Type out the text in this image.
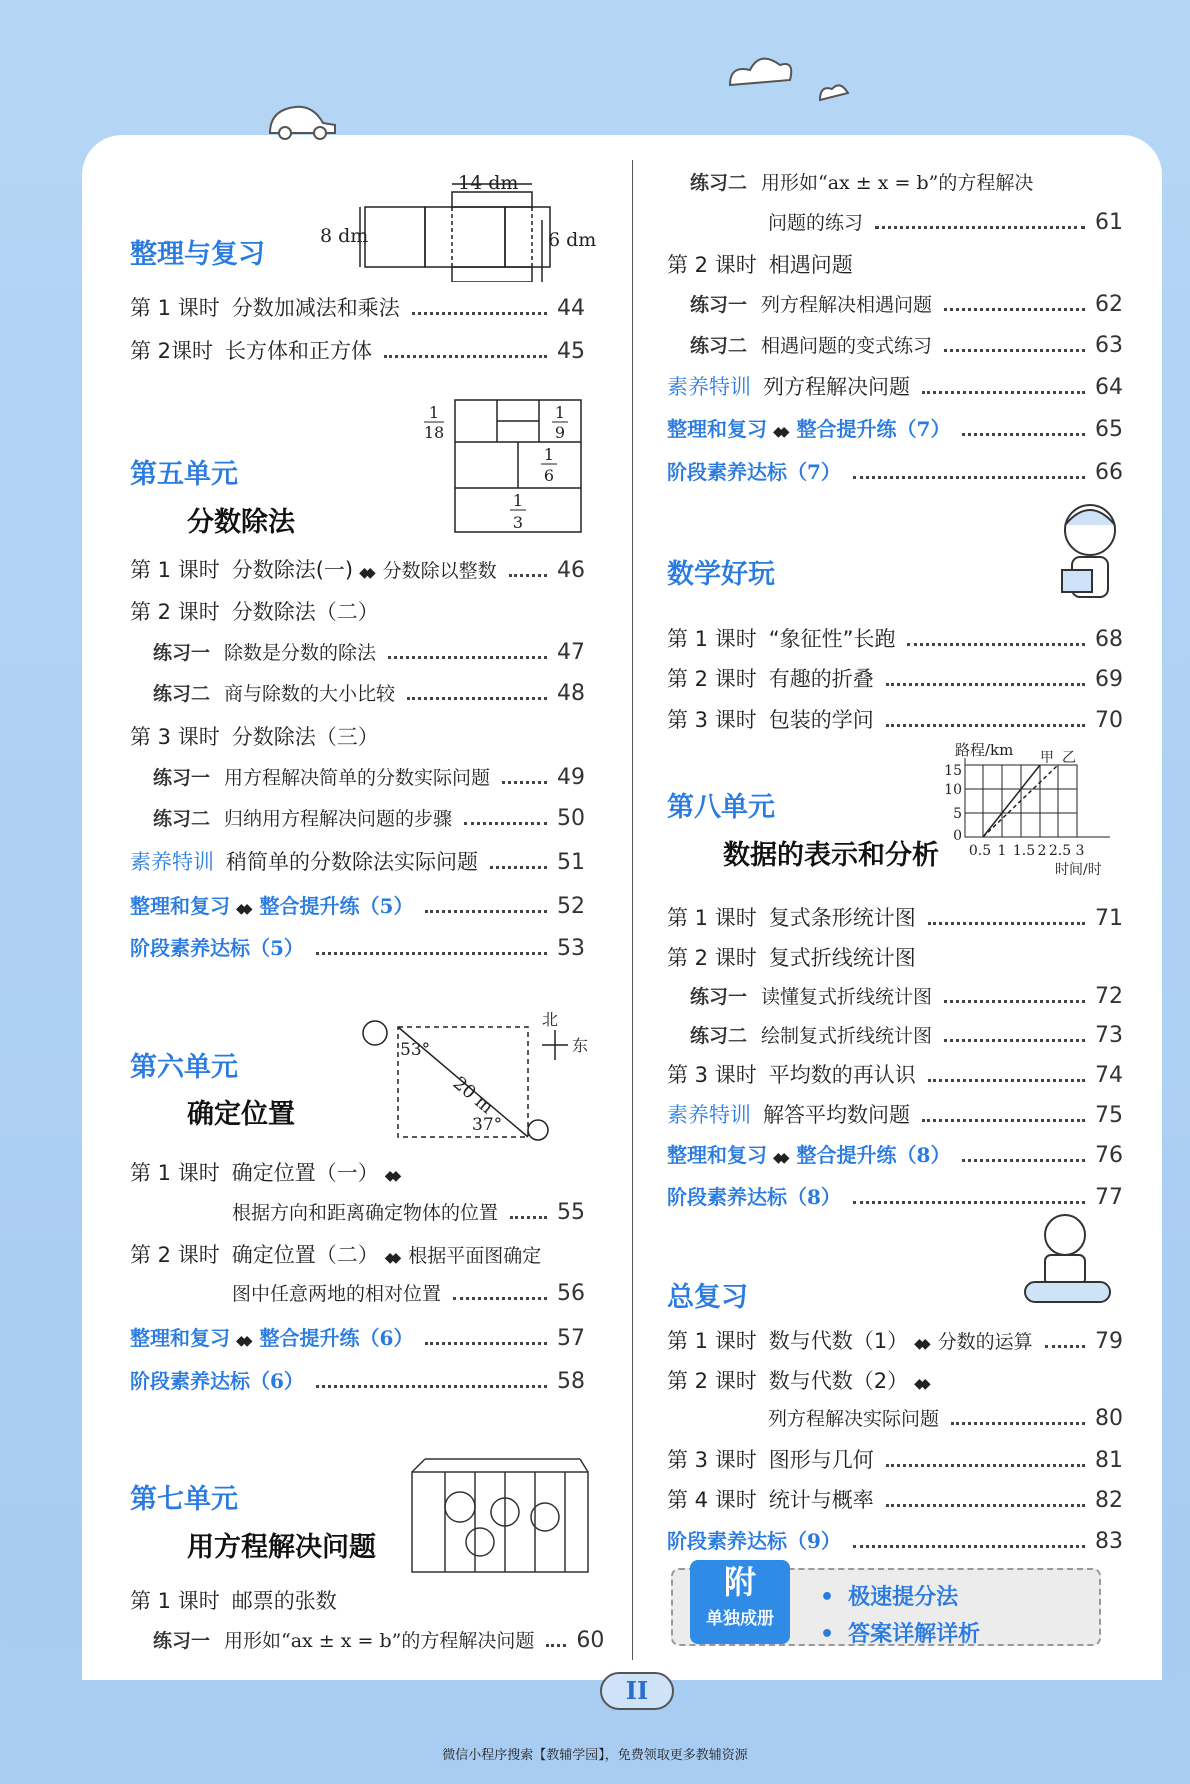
整理与复习
第五单元
分数除法
第六单元
确定位置
第七单元
用方程解决问题
数学好玩
第八单元
数据的表示和分析
总复习
14 dm
8 dm	6 dm
1
18
1
9
1
6
1
3
53°
20 m
37°
北
东
路程/km 甲 乙
15
10
5
0
0.5 1 1.5 2 2.5 3
时间/时
第 1 课时 分数加减法和乘法	44
第 2课时 长方体和正方体	45
第 1 课时 分数除法(一) ◆◆ 分数除以整数	46
第 2 课时 分数除法（二）
练习一 除数是分数的除法	47
练习二 商与除数的大小比较	48
第 3 课时 分数除法（三）
练习一 用方程解决简单的分数实际问题	49
练习二 归纳用方程解决问题的步骤	50
素养特训 稍简单的分数除法实际问题	51
整理和复习 ◆◆ 整合提升练（5）	52
阶段素养达标（5）	53
第 1 课时 确定位置（一） ◆◆
根据方向和距离确定物体的位置	55
第 2 课时 确定位置（二） ◆◆ 根据平面图确定
图中任意两地的相对位置	56
整理和复习 ◆◆ 整合提升练（6）	57
阶段素养达标（6）	58
第 1 课时 邮票的张数
练习一 用形如“ax ± x = b”的方程解决问题 60
练习二 用形如“ax ± x = b”的方程解决
问题的练习	61
第 2 课时 相遇问题
练习一 列方程解决相遇问题	62
练习二 相遇问题的变式练习	63
素养特训 列方程解决问题	64
整理和复习 ◆◆ 整合提升练（7）	65
阶段素养达标（7）	66
第 1 课时 “象征性”长跑	68
第 2 课时 有趣的折叠	69
第 3 课时 包装的学问	70
第 1 课时 复式条形统计图	71
第 2 课时 复式折线统计图
练习一 读懂复式折线统计图	72
练习二 绘制复式折线统计图	73
第 3 课时 平均数的再认识	74
素养特训 解答平均数问题	75
整理和复习 ◆◆ 整合提升练（8）	76
阶段素养达标（8）	77
第 1 课时 数与代数（1） ◆◆ 分数的运算	79
第 2 课时 数与代数（2） ◆◆
列方程解决实际问题	80
第 3 课时 图形与几何	81
第 4 课时 统计与概率	82
阶段素养达标（9）	83
附
单独成册
• 极速提分法
• 答案详解详析
II
微信小程序搜索【教辅学园】，免费领取更多教辅资源
